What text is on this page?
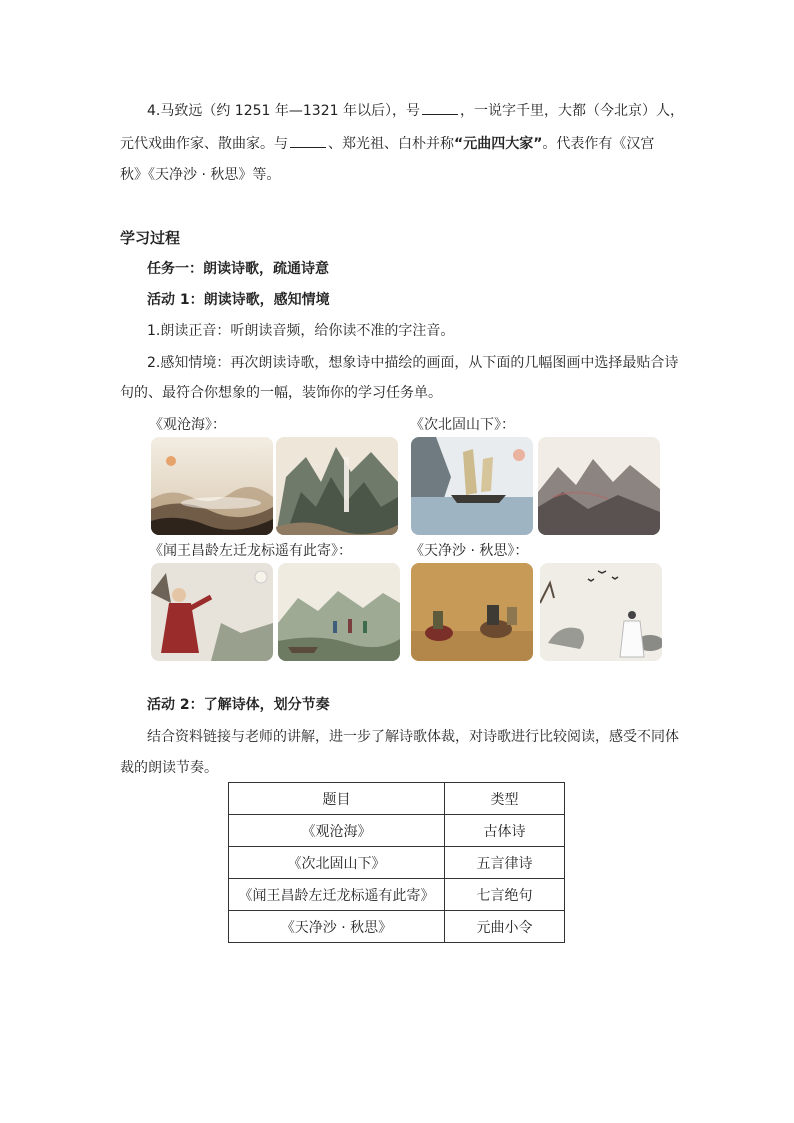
4.马致远（约 1251 年—1321 年以后），号	，一说字千里，大都（今北京）人，
元代戏曲作家、散曲家。与	、郑光祖、白朴并称“元曲四大家”。代表作有《汉宫
秋》《天净沙 · 秋思》等。
学习过程
任务一：朗读诗歌，疏通诗意
活动 1：朗读诗歌，感知情境
1.朗读正音：听朗读音频，给你读不准的字注音。
2.感知情境：再次朗读诗歌，想象诗中描绘的画面，从下面的几幅图画中选择最贴合诗
句的、最符合你想象的一幅，装饰你的学习任务单。
《观沧海》：	《次北固山下》：
《闻王昌龄左迁龙标遥有此寄》：	《天净沙 · 秋思》：
活动 2：了解诗体，划分节奏
结合资料链接与老师的讲解，进一步了解诗歌体裁，对诗歌进行比较阅读，感受不同体
裁的朗读节奏。
题目	类型
《观沧海》	古体诗
《次北固山下》	五言律诗
《闻王昌龄左迁龙标遥有此寄》	七言绝句
《天净沙 · 秋思》	元曲小令
